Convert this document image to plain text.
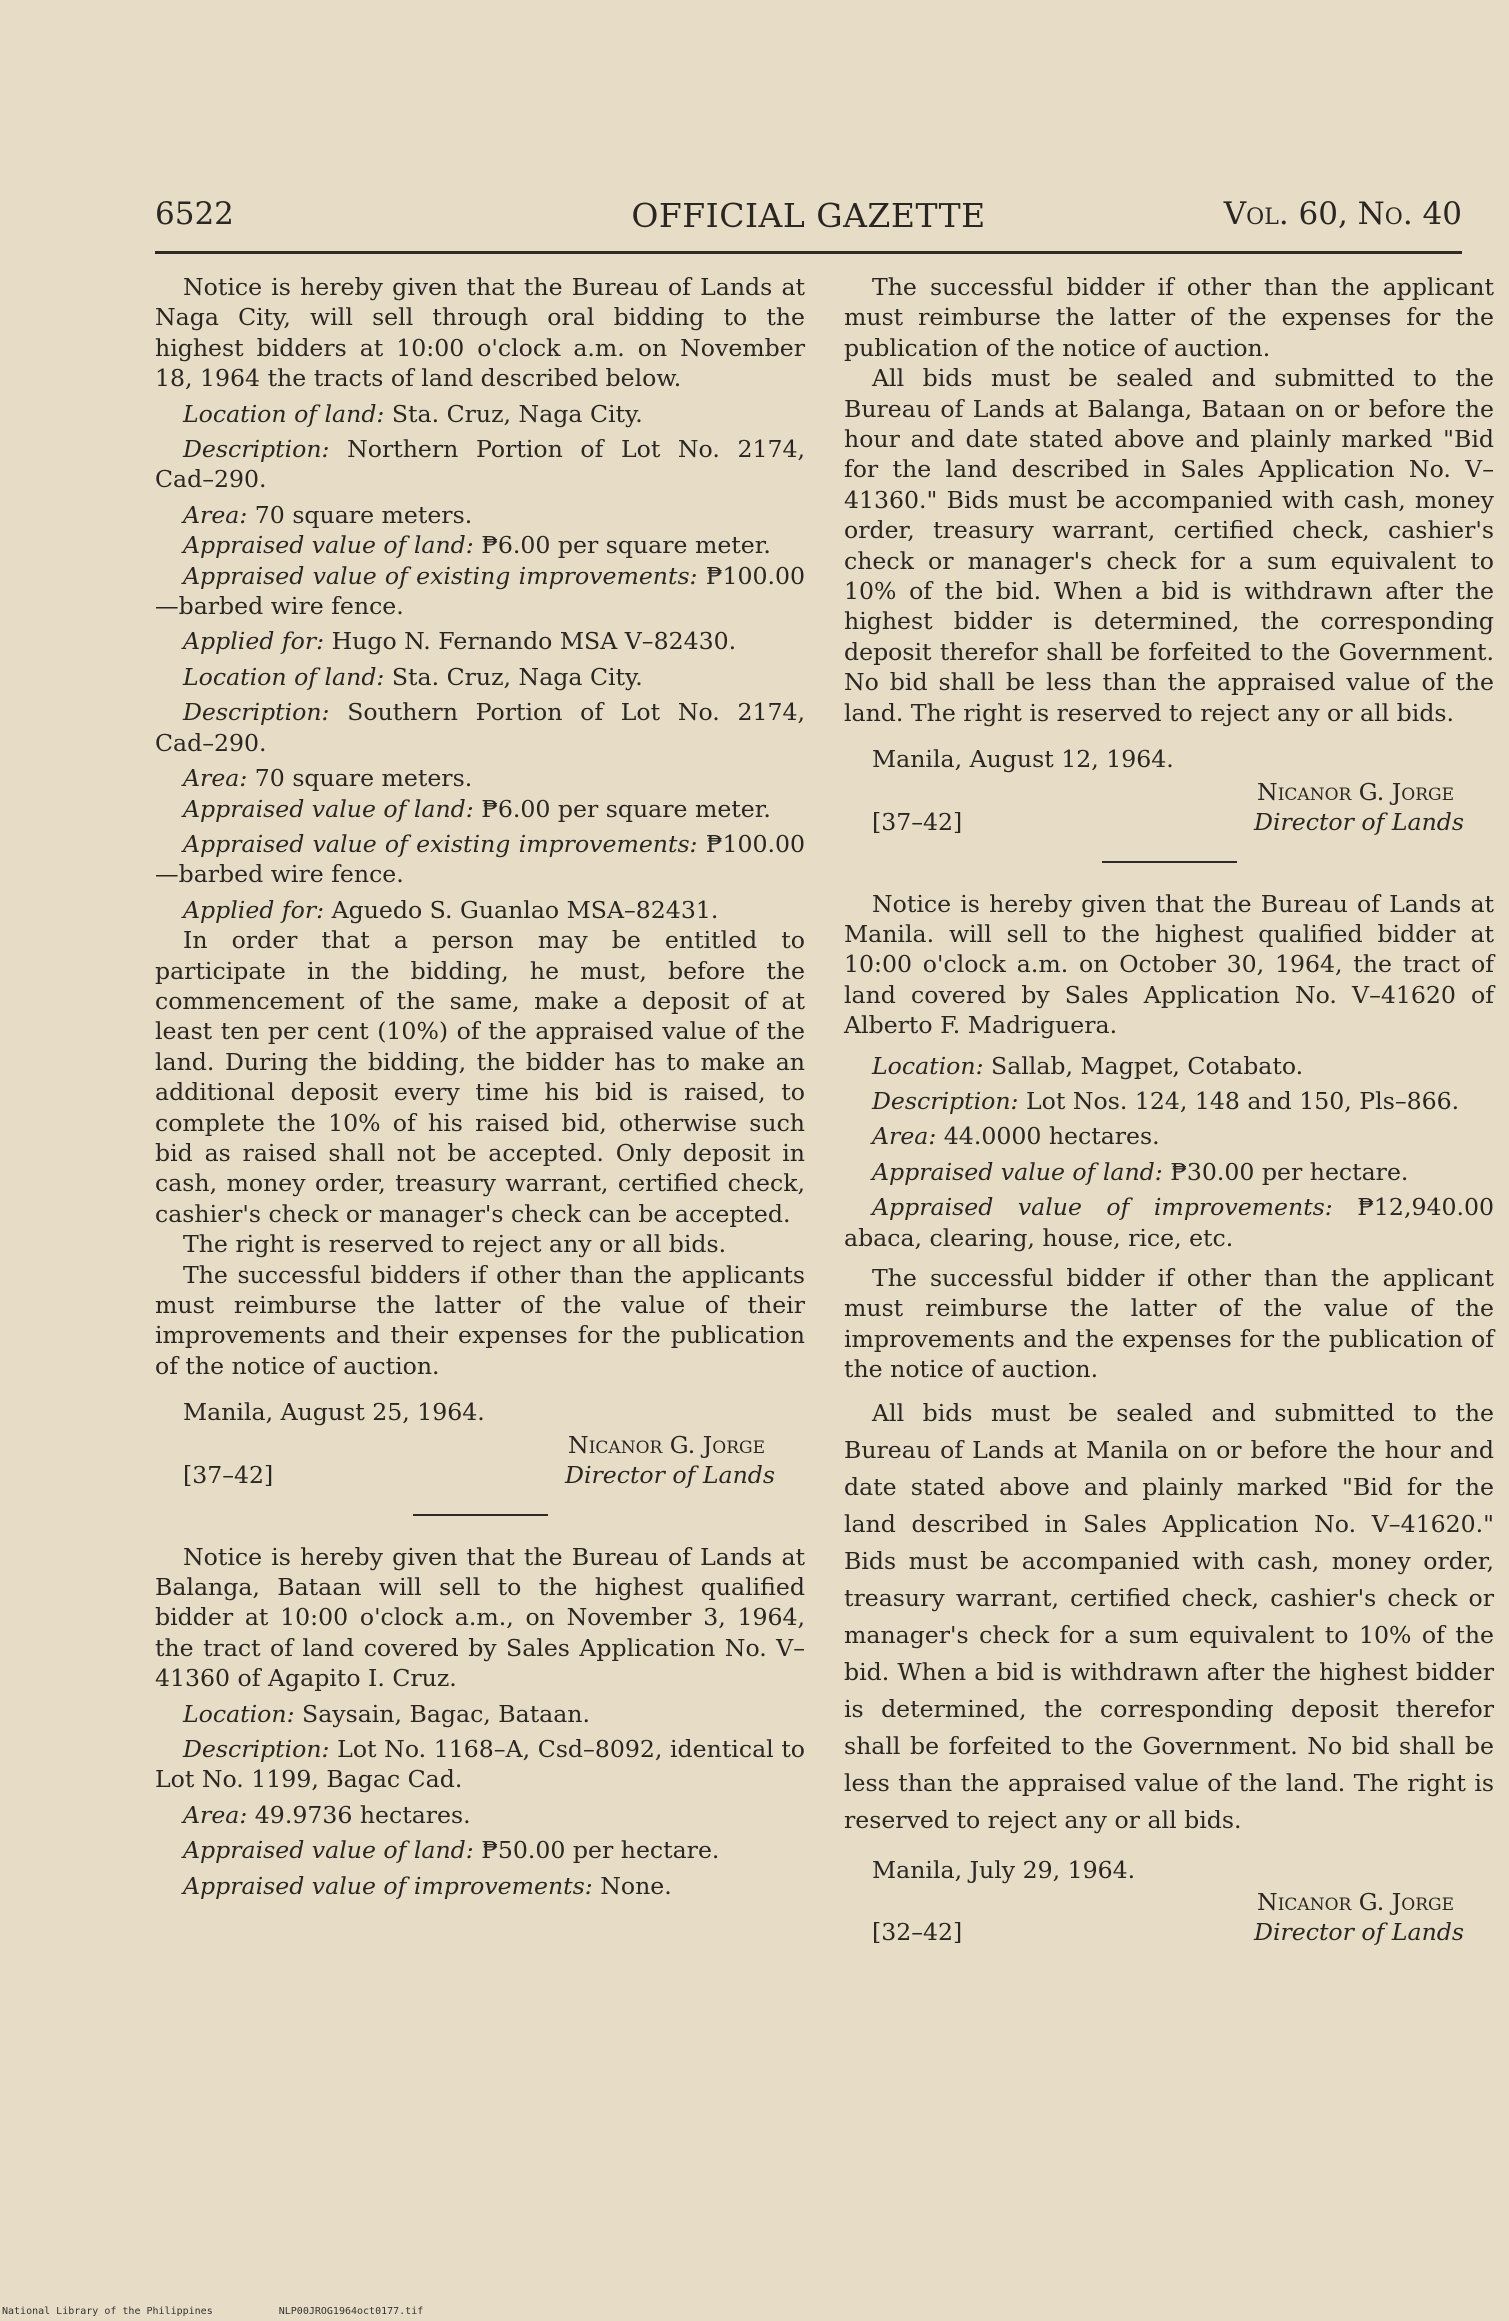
6522	OFFICIAL GAZETTE	Vol. 60, No. 40

Notice is hereby given that the Bureau of Lands at Naga City, will sell through oral bidding to the highest bidders at 10:00 o'clock a.m. on November 18, 1964 the tracts of land described below.

Location of land: Sta. Cruz, Naga City.

Description: Northern Portion of Lot No. 2174, Cad–290.

Area: 70 square meters.

Appraised value of land: ₱6.00 per square meter.

Appraised value of existing improvements: ₱100.00—barbed wire fence.

Applied for: Hugo N. Fernando MSA V–82430.

Location of land: Sta. Cruz, Naga City.

Description: Southern Portion of Lot No. 2174, Cad–290.

Area: 70 square meters.

Appraised value of land: ₱6.00 per square meter.

Appraised value of existing improvements: ₱100.00—barbed wire fence.

Applied for: Aguedo S. Guanlao MSA–82431.

In order that a person may be entitled to participate in the bidding, he must, before the commencement of the same, make a deposit of at least ten per cent (10%) of the appraised value of the land. During the bidding, the bidder has to make an additional deposit every time his bid is raised, to complete the 10% of his raised bid, otherwise such bid as raised shall not be accepted. Only deposit in cash, money order, treasury warrant, certified check, cashier's check or manager's check can be accepted.

The right is reserved to reject any or all bids.

The successful bidders if other than the applicants must reimburse the latter of the value of their improvements and their expenses for the publication of the notice of auction.

Manila, August 25, 1964.

Nicanor G. Jorge
[37–42]	Director of Lands

Notice is hereby given that the Bureau of Lands at Balanga, Bataan will sell to the highest qualified bidder at 10:00 o'clock a.m., on November 3, 1964, the tract of land covered by Sales Application No. V–41360 of Agapito I. Cruz.

Location: Saysain, Bagac, Bataan.

Description: Lot No. 1168–A, Csd–8092, identical to Lot No. 1199, Bagac Cad.

Area: 49.9736 hectares.

Appraised value of land: ₱50.00 per hectare.

Appraised value of improvements: None.

The successful bidder if other than the applicant must reimburse the latter of the expenses for the publication of the notice of auction.

All bids must be sealed and submitted to the Bureau of Lands at Balanga, Bataan on or before the hour and date stated above and plainly marked "Bid for the land described in Sales Application No. V–41360." Bids must be accompanied with cash, money order, treasury warrant, certified check, cashier's check or manager's check for a sum equivalent to 10% of the bid. When a bid is withdrawn after the highest bidder is determined, the corresponding deposit therefor shall be forfeited to the Government. No bid shall be less than the appraised value of the land. The right is reserved to reject any or all bids.

Manila, August 12, 1964.

Nicanor G. Jorge
[37–42]	Director of Lands

Notice is hereby given that the Bureau of Lands at Manila. will sell to the highest qualified bidder at 10:00 o'clock a.m. on October 30, 1964, the tract of land covered by Sales Application No. V–41620 of Alberto F. Madriguera.

Location: Sallab, Magpet, Cotabato.

Description: Lot Nos. 124, 148 and 150, Pls–866.

Area: 44.0000 hectares.

Appraised value of land: ₱30.00 per hectare.

Appraised value of improvements: ₱12,940.00 abaca, clearing, house, rice, etc.

The successful bidder if other than the applicant must reimburse the latter of the value of the improvements and the expenses for the publication of the notice of auction.

All bids must be sealed and submitted to the Bureau of Lands at Manila on or before the hour and date stated above and plainly marked "Bid for the land described in Sales Application No. V–41620." Bids must be accompanied with cash, money order, treasury warrant, certified check, cashier's check or manager's check for a sum equivalent to 10% of the bid. When a bid is withdrawn after the highest bidder is determined, the corresponding deposit therefor shall be forfeited to the Government. No bid shall be less than the appraised value of the land. The right is reserved to reject any or all bids.

Manila, July 29, 1964.

Nicanor G. Jorge
[32–42]	Director of Lands
National Library of the Philippines	NLP00JROG1964oct0177.tif
